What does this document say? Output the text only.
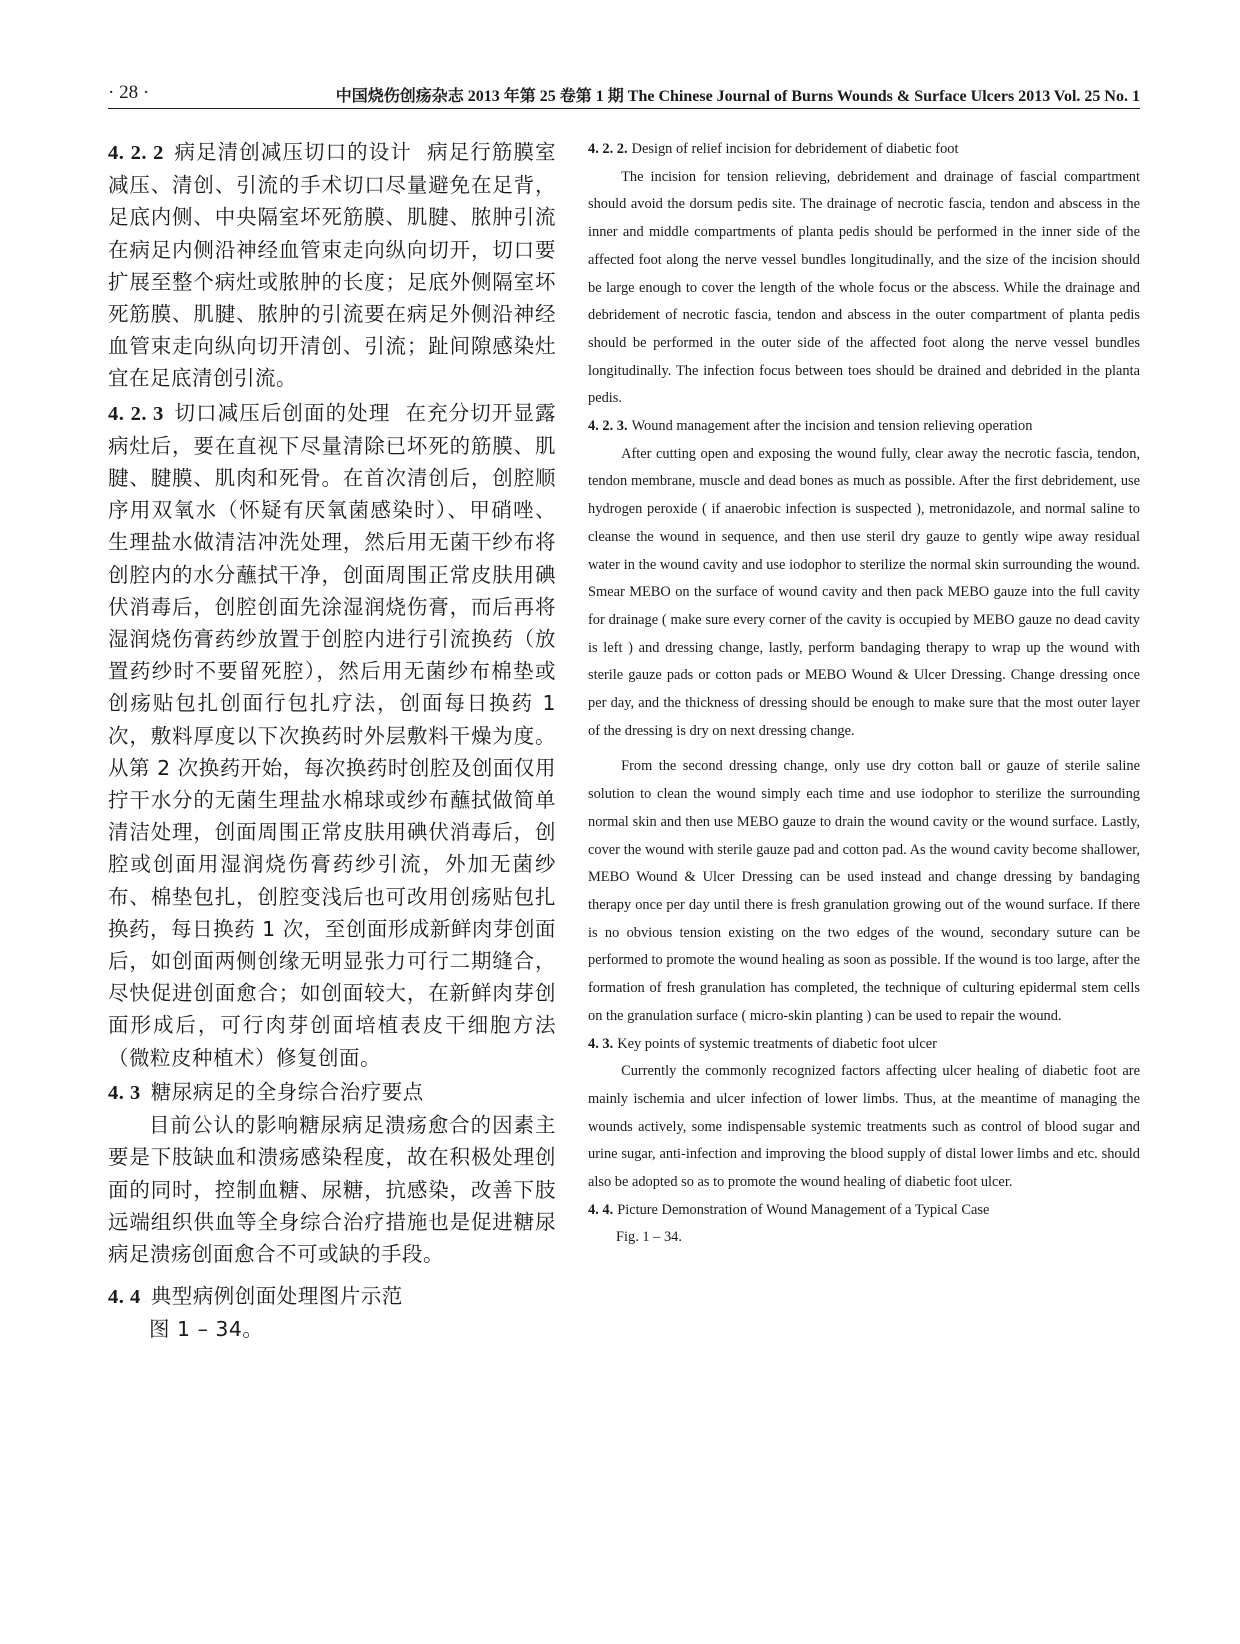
· 28 ·	中国烧伤创疡杂志 2013 年第 25 卷第 1 期 The Chinese Journal of Burns Wounds & Surface Ulcers 2013 Vol. 25 No. 1

4. 2. 2 病足清创减压切口的设计 病足行筋膜室减压、清创、引流的手术切口尽量避免在足背，足底内侧、中央隔室坏死筋膜、肌腱、脓肿引流在病足内侧沿神经血管束走向纵向切开，切口要扩展至整个病灶或脓肿的长度；足底外侧隔室坏死筋膜、肌腱、脓肿的引流要在病足外侧沿神经血管束走向纵向切开清创、引流；趾间隙感染灶宜在足底清创引流。

4. 2. 3 切口减压后创面的处理 在充分切开显露病灶后，要在直视下尽量清除已坏死的筋膜、肌腱、腱膜、肌肉和死骨。在首次清创后，创腔顺序用双氧水（怀疑有厌氧菌感染时）、甲硝唑、生理盐水做清洁冲洗处理，然后用无菌干纱布将创腔内的水分蘸拭干净，创面周围正常皮肤用碘伏消毒后，创腔创面先涂湿润烧伤膏，而后再将湿润烧伤膏药纱放置于创腔内进行引流换药（放置药纱时不要留死腔），然后用无菌纱布棉垫或创疡贴包扎创面行包扎疗法，创面每日换药 1 次，敷料厚度以下次换药时外层敷料干燥为度。从第 2 次换药开始，每次换药时创腔及创面仅用拧干水分的无菌生理盐水棉球或纱布蘸拭做简单清洁处理，创面周围正常皮肤用碘伏消毒后，创腔或创面用湿润烧伤膏药纱引流，外加无菌纱布、棉垫包扎，创腔变浅后也可改用创疡贴包扎换药，每日换药 1 次，至创面形成新鲜肉芽创面后，如创面两侧创缘无明显张力可行二期缝合，尽快促进创面愈合；如创面较大，在新鲜肉芽创面形成后，可行肉芽创面培植表皮干细胞方法（微粒皮种植术）修复创面。

4. 3 糖尿病足的全身综合治疗要点

目前公认的影响糖尿病足溃疡愈合的因素主要是下肢缺血和溃疡感染程度，故在积极处理创面的同时，控制血糖、尿糖，抗感染，改善下肢远端组织供血等全身综合治疗措施也是促进糖尿病足溃疡创面愈合不可或缺的手段。

4. 4 典型病例创面处理图片示范

图 1 – 34。

4. 2. 2. Design of relief incision for debridement of diabetic foot

The incision for tension relieving, debridement and drainage of fascial compartment should avoid the dorsum pedis site. The drainage of necrotic fascia, tendon and abscess in the inner and middle compartments of planta pedis should be performed in the inner side of the affected foot along the nerve vessel bundles longitudinally, and the size of the incision should be large enough to cover the length of the whole focus or the abscess. While the drainage and debridement of necrotic fascia, tendon and abscess in the outer compartment of planta pedis should be performed in the outer side of the affected foot along the nerve vessel bundles longitudinally. The infection focus between toes should be drained and debrided in the planta pedis.

4. 2. 3. Wound management after the incision and tension relieving operation

After cutting open and exposing the wound fully, clear away the necrotic fascia, tendon, tendon membrane, muscle and dead bones as much as possible. After the first debridement, use hydrogen peroxide ( if anaerobic infection is suspected ), metronidazole, and normal saline to cleanse the wound in sequence, and then use steril dry gauze to gently wipe away residual water in the wound cavity and use iodophor to sterilize the normal skin surrounding the wound. Smear MEBO on the surface of wound cavity and then pack MEBO gauze into the full cavity for drainage ( make sure every corner of the cavity is occupied by MEBO gauze no dead cavity is left ) and dressing change, lastly, perform bandaging therapy to wrap up the wound with sterile gauze pads or cotton pads or MEBO Wound & Ulcer Dressing. Change dressing once per day, and the thickness of dressing should be enough to make sure that the most outer layer of the dressing is dry on next dressing change.

From the second dressing change, only use dry cotton ball or gauze of sterile saline solution to clean the wound simply each time and use iodophor to sterilize the surrounding normal skin and then use MEBO gauze to drain the wound cavity or the wound surface. Lastly, cover the wound with sterile gauze pad and cotton pad. As the wound cavity become shallower, MEBO Wound & Ulcer Dressing can be used instead and change dressing by bandaging therapy once per day until there is fresh granulation growing out of the wound surface. If there is no obvious tension existing on the two edges of the wound, secondary suture can be performed to promote the wound healing as soon as possible. If the wound is too large, after the formation of fresh granulation has completed, the technique of culturing epidermal stem cells on the granulation surface ( micro-skin planting ) can be used to repair the wound.

4. 3. Key points of systemic treatments of diabetic foot ulcer

Currently the commonly recognized factors affecting ulcer healing of diabetic foot are mainly ischemia and ulcer infection of lower limbs. Thus, at the meantime of managing the wounds actively, some indispensable systemic treatments such as control of blood sugar and urine sugar, anti-infection and improving the blood supply of distal lower limbs and etc. should also be adopted so as to promote the wound healing of diabetic foot ulcer.

4. 4. Picture Demonstration of Wound Management of a Typical Case

Fig. 1 – 34.
